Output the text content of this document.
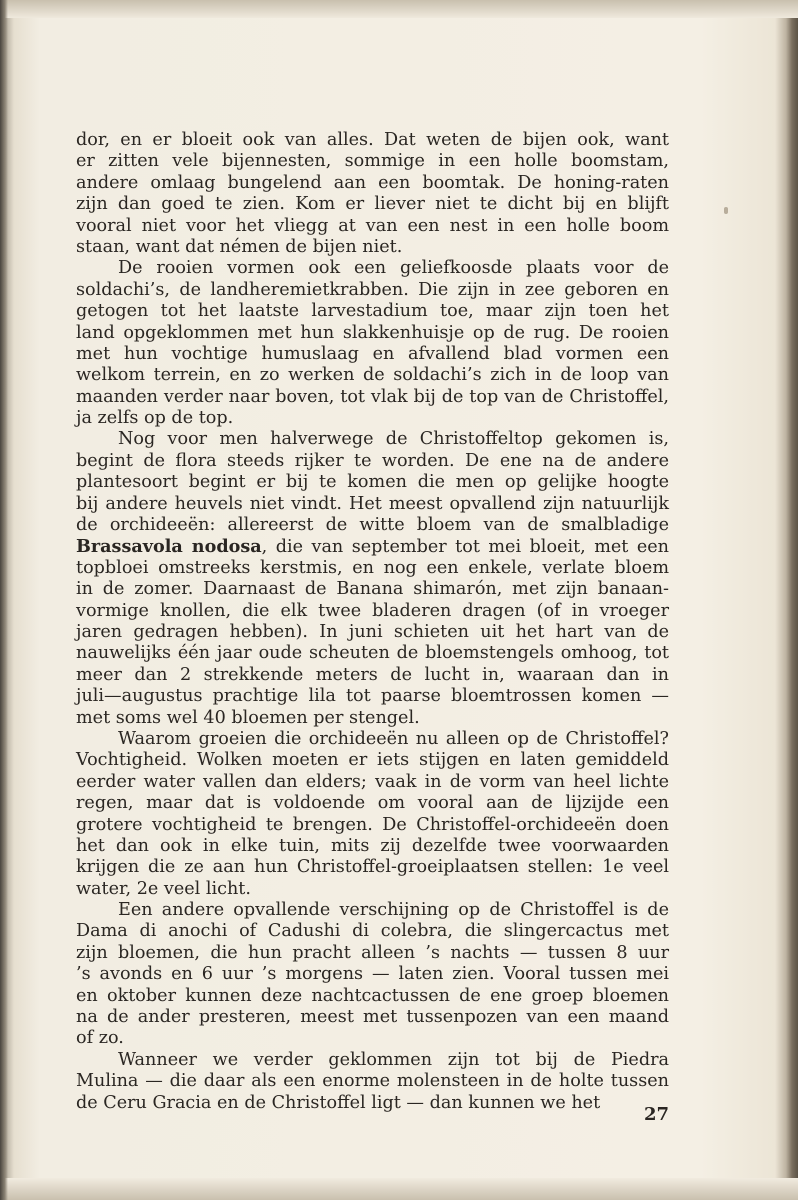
dor, en er bloeit ook van alles. Dat weten de bijen ook, want
er zitten vele bijennesten, sommige in een holle boomstam,
andere omlaag bungelend aan een boomtak. De honing-raten
zijn dan goed te zien. Kom er liever niet te dicht bij en blijft
vooral niet voor het vliegg at van een nest in een holle boom
staan, want dat némen de bijen niet.
De rooien vormen ook een geliefkoosde plaats voor de
soldachi’s, de landheremietkrabben. Die zijn in zee geboren en
getogen tot het laatste larvestadium toe, maar zijn toen het
land opgeklommen met hun slakkenhuisje op de rug. De rooien
met hun vochtige humuslaag en afvallend blad vormen een
welkom terrein, en zo werken de soldachi’s zich in de loop van
maanden verder naar boven, tot vlak bij de top van de Christoffel,
ja zelfs op de top.
Nog voor men halverwege de Christoffeltop gekomen is,
begint de flora steeds rijker te worden. De ene na de andere
plantesoort begint er bij te komen die men op gelijke hoogte
bij andere heuvels niet vindt. Het meest opvallend zijn natuurlijk
de orchideeën: allereerst de witte bloem van de smalbladige
Brassavola nodosa, die van september tot mei bloeit, met een
topbloei omstreeks kerstmis, en nog een enkele, verlate bloem
in de zomer. Daarnaast de Banana shimarón, met zijn banaan-
vormige knollen, die elk twee bladeren dragen (of in vroeger
jaren gedragen hebben). In juni schieten uit het hart van de
nauwelijks één jaar oude scheuten de bloemstengels omhoog, tot
meer dan 2 strekkende meters de lucht in, waaraan dan in
juli—augustus prachtige lila tot paarse bloemtrossen komen —
met soms wel 40 bloemen per stengel.
Waarom groeien die orchideeën nu alleen op de Christoffel?
Vochtigheid. Wolken moeten er iets stijgen en laten gemiddeld
eerder water vallen dan elders; vaak in de vorm van heel lichte
regen, maar dat is voldoende om vooral aan de lijzijde een
grotere vochtigheid te brengen. De Christoffel-orchideeën doen
het dan ook in elke tuin, mits zij dezelfde twee voorwaarden
krijgen die ze aan hun Christoffel-groeiplaatsen stellen: 1e veel
water, 2e veel licht.
Een andere opvallende verschijning op de Christoffel is de
Dama di anochi of Cadushi di colebra, die slingercactus met
zijn bloemen, die hun pracht alleen ’s nachts — tussen 8 uur
’s avonds en 6 uur ’s morgens — laten zien. Vooral tussen mei
en oktober kunnen deze nachtcactussen de ene groep bloemen
na de ander presteren, meest met tussenpozen van een maand
of zo.
Wanneer we verder geklommen zijn tot bij de Piedra
Mulina — die daar als een enorme molensteen in de holte tussen
de Ceru Gracia en de Christoffel ligt — dan kunnen we het
27
